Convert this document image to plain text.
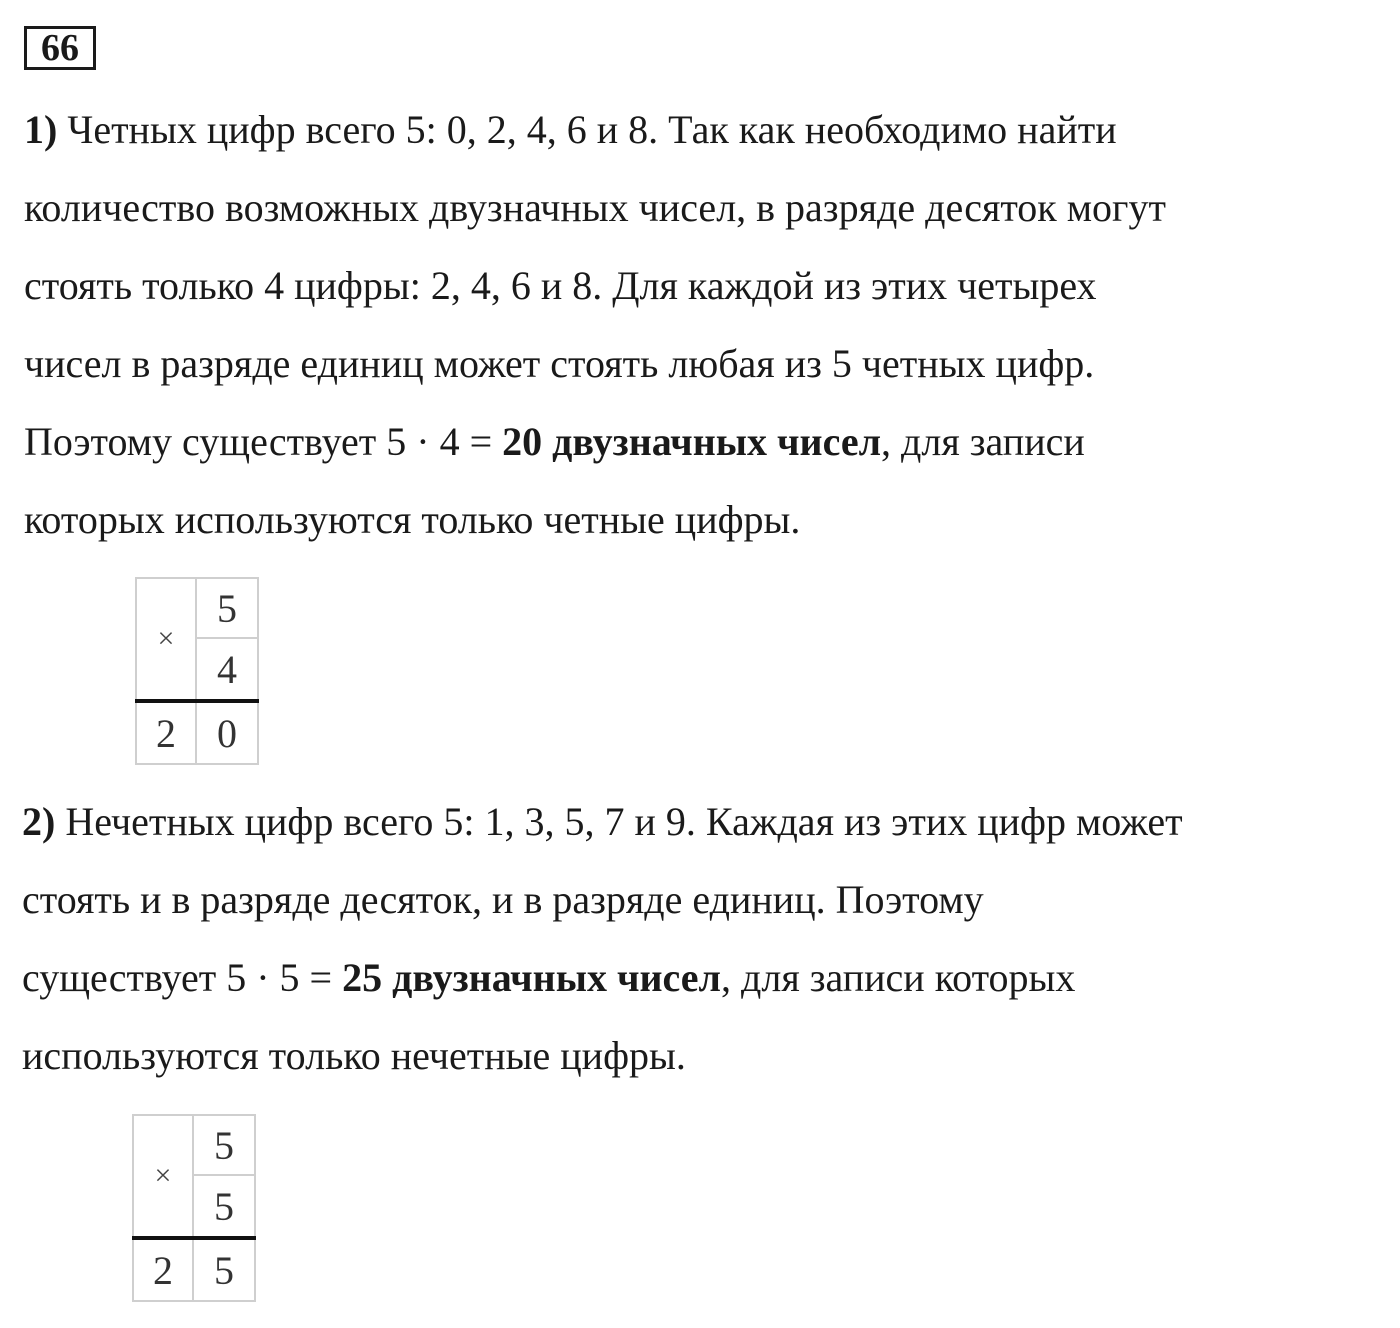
66
1) Четных цифр всего 5: 0, 2, 4, 6 и 8. Так как необходимо найти
количество возможных двузначных чисел, в разряде десяток могут
стоять только 4 цифры: 2, 4, 6 и 8. Для каждой из этих четырех
чисел в разряде единиц может стоять любая из 5 четных цифр.
Поэтому существует 5 · 4 = 20 двузначных чисел, для записи
которых используются только четные цифры.
×
5
4
2	0
2) Нечетных цифр всего 5: 1, 3, 5, 7 и 9. Каждая из этих цифр может
стоять и в разряде десяток, и в разряде единиц. Поэтому
существует 5 · 5 = 25 двузначных чисел, для записи которых
используются только нечетные цифры.
×
5
5
2	5
